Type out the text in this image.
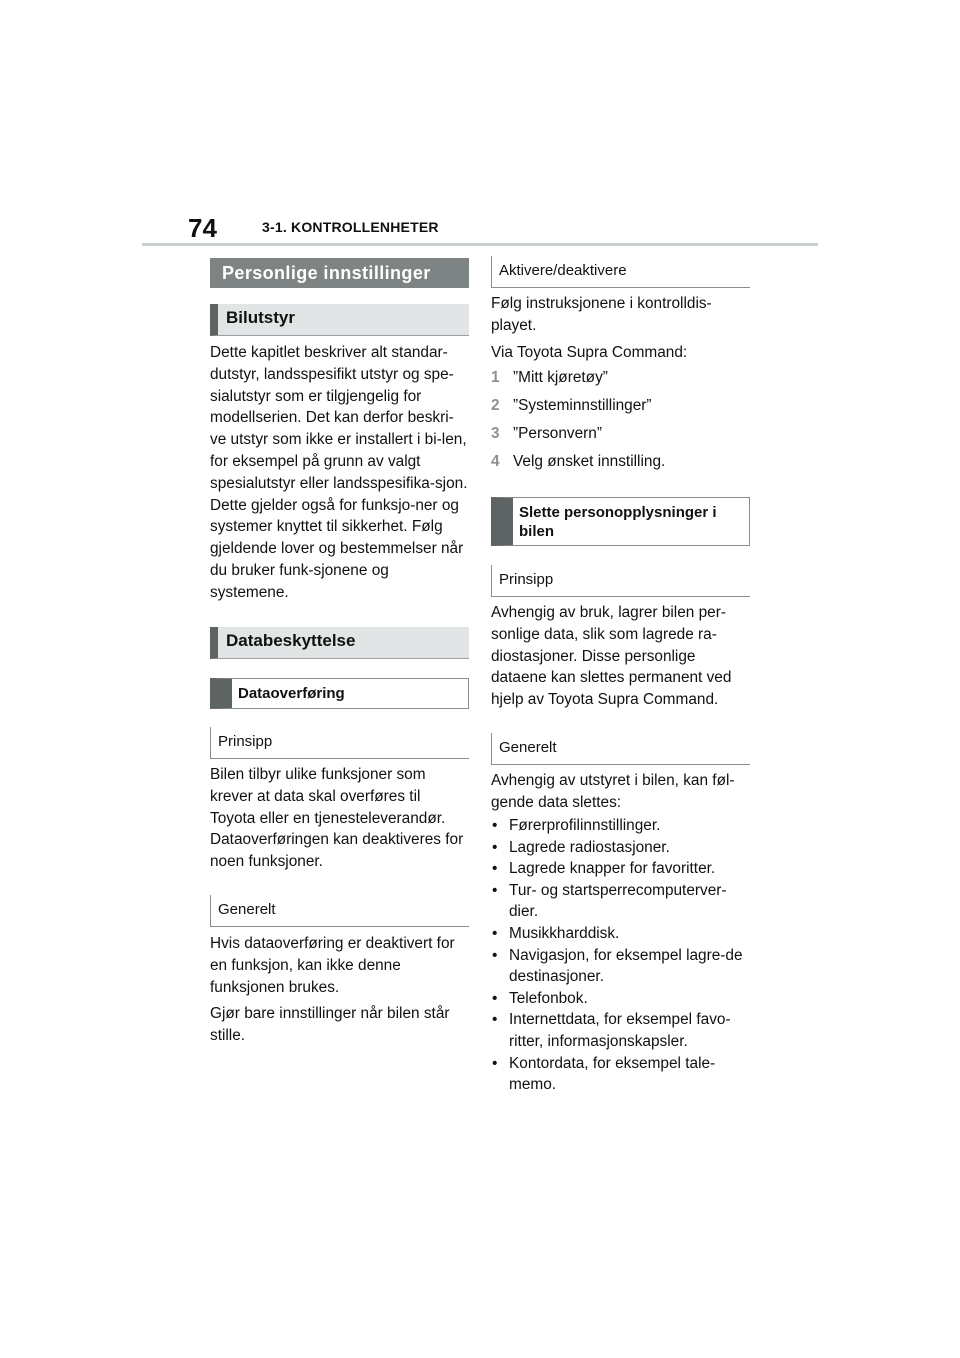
74	3-1. KONTROLLENHETER
Personlige innstillinger
Bilutstyr

Dette kapitlet beskriver alt standar-dutstyr, landsspesifikt utstyr og spe-sialutstyr som er tilgjengelig for modellserien. Det kan derfor beskri-ve utstyr som ikke er installert i bi-len, for eksempel på grunn av valgt spesialutstyr eller landsspesifika-sjon. Dette gjelder også for funksjo-ner og systemer knyttet til sikkerhet. Følg gjeldende lover og bestemmelser når du bruker funk-sjonene og systemene.

Databeskyttelse
Dataoverføring
Prinsipp

Bilen tilbyr ulike funksjoner som krever at data skal overføres til Toyota eller en tjenesteleverandør. Dataoverføringen kan deaktiveres for noen funksjoner.

Generelt

Hvis dataoverføring er deaktivert for en funksjon, kan ikke denne funksjonen brukes.

Gjør bare innstillinger når bilen står stille.

Aktivere/deaktivere

Følg instruksjonene i kontrolldis-playet.

Via Toyota Supra Command:

1 ”Mitt kjøretøy”
2 ”Systeminnstillinger”
3 ”Personvern”
4 Velg ønsket innstilling.
Slette personopplysninger i bilen
Prinsipp

Avhengig av bruk, lagrer bilen per-sonlige data, slik som lagrede ra-diostasjoner. Disse personlige dataene kan slettes permanent ved hjelp av Toyota Supra Command.

Generelt

Avhengig av utstyret i bilen, kan føl-gende data slettes:

• Førerprofilinnstillinger.
• Lagrede radiostasjoner.
• Lagrede knapper for favoritter.
• Tur- og startsperrecomputerver-dier.
• Musikkharddisk.
• Navigasjon, for eksempel lagre-de destinasjoner.
• Telefonbok.
• Internettdata, for eksempel favo-ritter, informasjonskapsler.
• Kontordata, for eksempel tale-memo.
